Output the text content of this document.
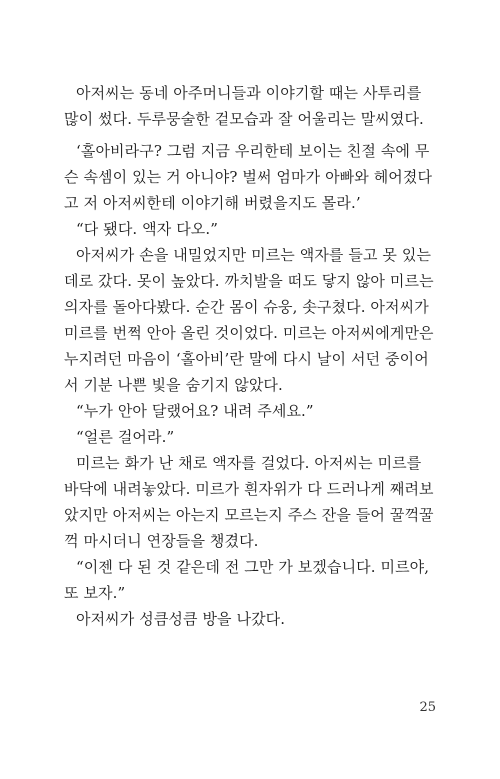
아저씨는 동네 아주머니들과 이야기할 때는 사투리를
많이 썼다. 두루뭉술한 겉모습과 잘 어울리는 말씨였다.
‘홀아비라구? 그럼 지금 우리한테 보이는 친절 속에 무
슨 속셈이 있는 거 아니야? 벌써 엄마가 아빠와 헤어졌다
고 저 아저씨한테 이야기해 버렸을지도 몰라.’
“다 됐다. 액자 다오.”
아저씨가 손을 내밀었지만 미르는 액자를 들고 못 있는
데로 갔다. 못이 높았다. 까치발을 떠도 닿지 않아 미르는
의자를 돌아다봤다. 순간 몸이 슈웅, 솟구쳤다. 아저씨가
미르를 번쩍 안아 올린 것이었다. 미르는 아저씨에게만은
누지려던 마음이 ‘홀아비’란 말에 다시 날이 서던 중이어
서 기분 나쁜 빛을 숨기지 않았다.
“누가 안아 달랬어요? 내려 주세요.”
“얼른 걸어라.”
미르는 화가 난 채로 액자를 걸었다. 아저씨는 미르를
바닥에 내려놓았다. 미르가 흰자위가 다 드러나게 째려보
았지만 아저씨는 아는지 모르는지 주스 잔을 들어 꿀꺽꿀
꺽 마시더니 연장들을 챙겼다.
“이젠 다 된 것 같은데 전 그만 가 보겠습니다. 미르야,
또 보자.”
아저씨가 성큼성큼 방을 나갔다.
25
